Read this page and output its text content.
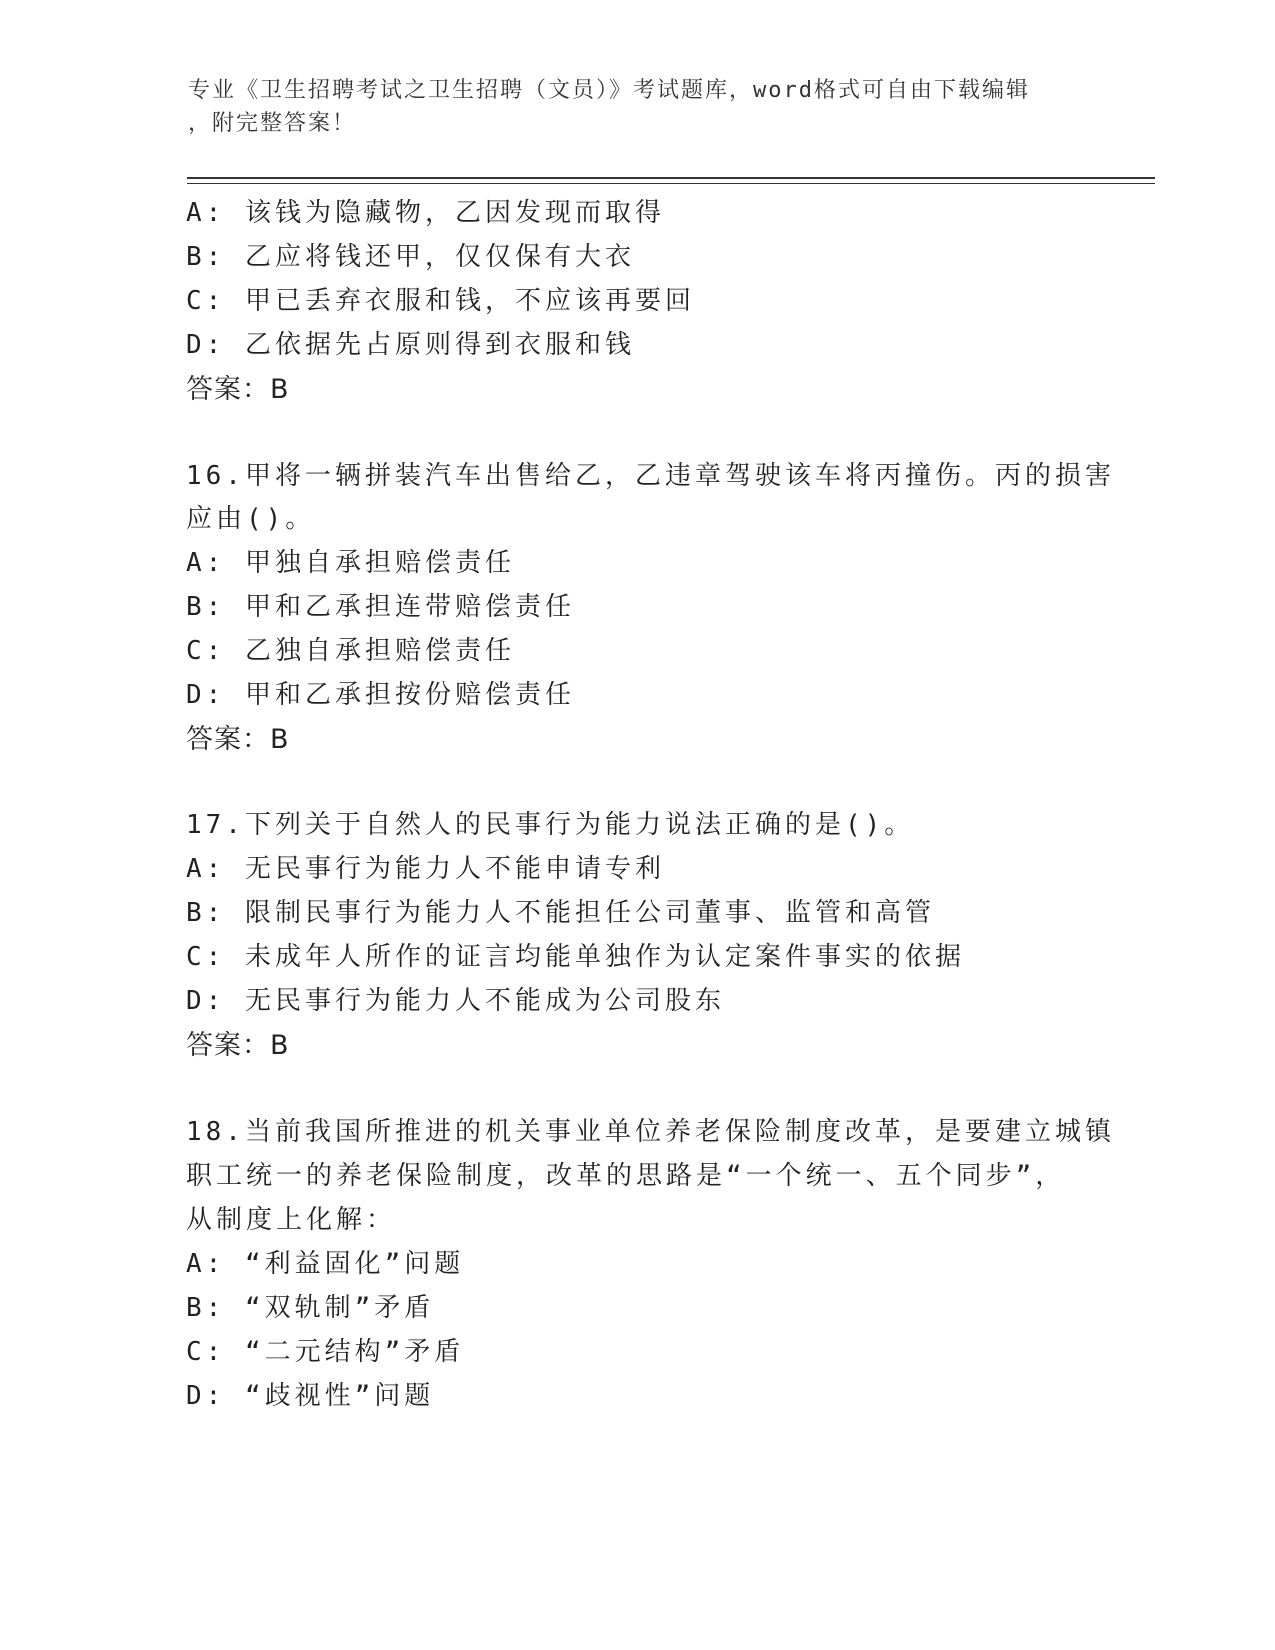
专业《卫生招聘考试之卫生招聘（文员）》考试题库，word格式可自由下载编辑
，附完整答案！
A: 该钱为隐藏物，乙因发现而取得
B: 乙应将钱还甲，仅仅保有大衣
C: 甲已丢弃衣服和钱，不应该再要回
D: 乙依据先占原则得到衣服和钱
答案：B
16.甲将一辆拼装汽车出售给乙，乙违章驾驶该车将丙撞伤。丙的损害
应由()。
A: 甲独自承担赔偿责任
B: 甲和乙承担连带赔偿责任
C: 乙独自承担赔偿责任
D: 甲和乙承担按份赔偿责任
答案：B
17.下列关于自然人的民事行为能力说法正确的是()。
A: 无民事行为能力人不能申请专利
B: 限制民事行为能力人不能担任公司董事、监管和高管
C: 未成年人所作的证言均能单独作为认定案件事实的依据
D: 无民事行为能力人不能成为公司股东
答案：B
18.当前我国所推进的机关事业单位养老保险制度改革，是要建立城镇
职工统一的养老保险制度，改革的思路是“一个统一、五个同步”，
从制度上化解：
A: “利益固化”问题
B: “双轨制”矛盾
C: “二元结构”矛盾
D: “歧视性”问题
